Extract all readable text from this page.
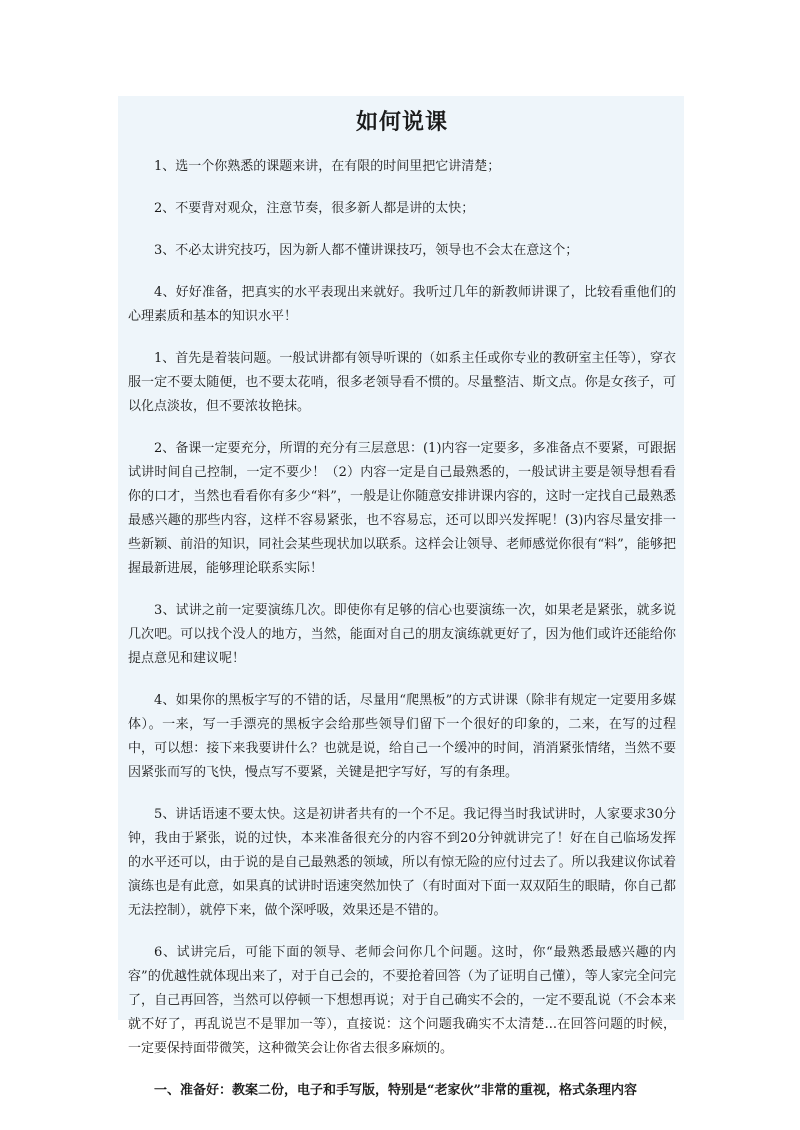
如何说课

1、选一个你熟悉的课题来讲，在有限的时间里把它讲清楚；

2、不要背对观众，注意节奏，很多新人都是讲的太快；

3、不必太讲究技巧，因为新人都不懂讲课技巧，领导也不会太在意这个；

4、好好准备，把真实的水平表现出来就好。我听过几年的新教师讲课了，比较看重他们的心理素质和基本的知识水平！

1、首先是着装问题。一般试讲都有领导听课的（如系主任或你专业的教研室主任等），穿衣服一定不要太随便，也不要太花哨，很多老领导看不惯的。尽量整洁、斯文点。你是女孩子，可以化点淡妆，但不要浓妆艳抹。

2、备课一定要充分，所谓的充分有三层意思：(1)内容一定要多，多准备点不要紧，可跟据试讲时间自己控制，一定不要少！（2）内容一定是自己最熟悉的，一般试讲主要是领导想看看你的口才，当然也看看你有多少“料”，一般是让你随意安排讲课内容的，这时一定找自己最熟悉最感兴趣的那些内容，这样不容易紧张，也不容易忘，还可以即兴发挥呢！(3)内容尽量安排一些新颖、前沿的知识，同社会某些现状加以联系。这样会让领导、老师感觉你很有“料”，能够把握最新进展，能够理论联系实际！

3、试讲之前一定要演练几次。即使你有足够的信心也要演练一次，如果老是紧张，就多说几次吧。可以找个没人的地方，当然，能面对自己的朋友演练就更好了，因为他们或许还能给你提点意见和建议呢！

4、如果你的黑板字写的不错的话，尽量用“爬黑板”的方式讲课（除非有规定一定要用多媒体）。一来，写一手漂亮的黑板字会给那些领导们留下一个很好的印象的，二来，在写的过程中，可以想：接下来我要讲什么？也就是说，给自己一个缓冲的时间，消消紧张情绪，当然不要因紧张而写的飞快，慢点写不要紧，关键是把字写好，写的有条理。

5、讲话语速不要太快。这是初讲者共有的一个不足。我记得当时我试讲时，人家要求30分钟，我由于紧张，说的过快，本来准备很充分的内容不到20分钟就讲完了！好在自己临场发挥的水平还可以，由于说的是自己最熟悉的领域，所以有惊无险的应付过去了。所以我建议你试着演练也是有此意，如果真的试讲时语速突然加快了（有时面对下面一双双陌生的眼睛，你自己都无法控制），就停下来，做个深呼吸，效果还是不错的。

6、试讲完后，可能下面的领导、老师会问你几个问题。这时，你“最熟悉最感兴趣的内容”的优越性就体现出来了，对于自己会的，不要抢着回答（为了证明自己懂），等人家完全问完了，自己再回答，当然可以停顿一下想想再说；对于自己确实不会的，一定不要乱说（不会本来就不好了，再乱说岂不是罪加一等），直接说：这个问题我确实不太清楚...在回答问题的时候，一定要保持面带微笑，这种微笑会让你省去很多麻烦的。

一、准备好：教案二份，电子和手写版，特别是“老家伙”非常的重视，格式条理内容
